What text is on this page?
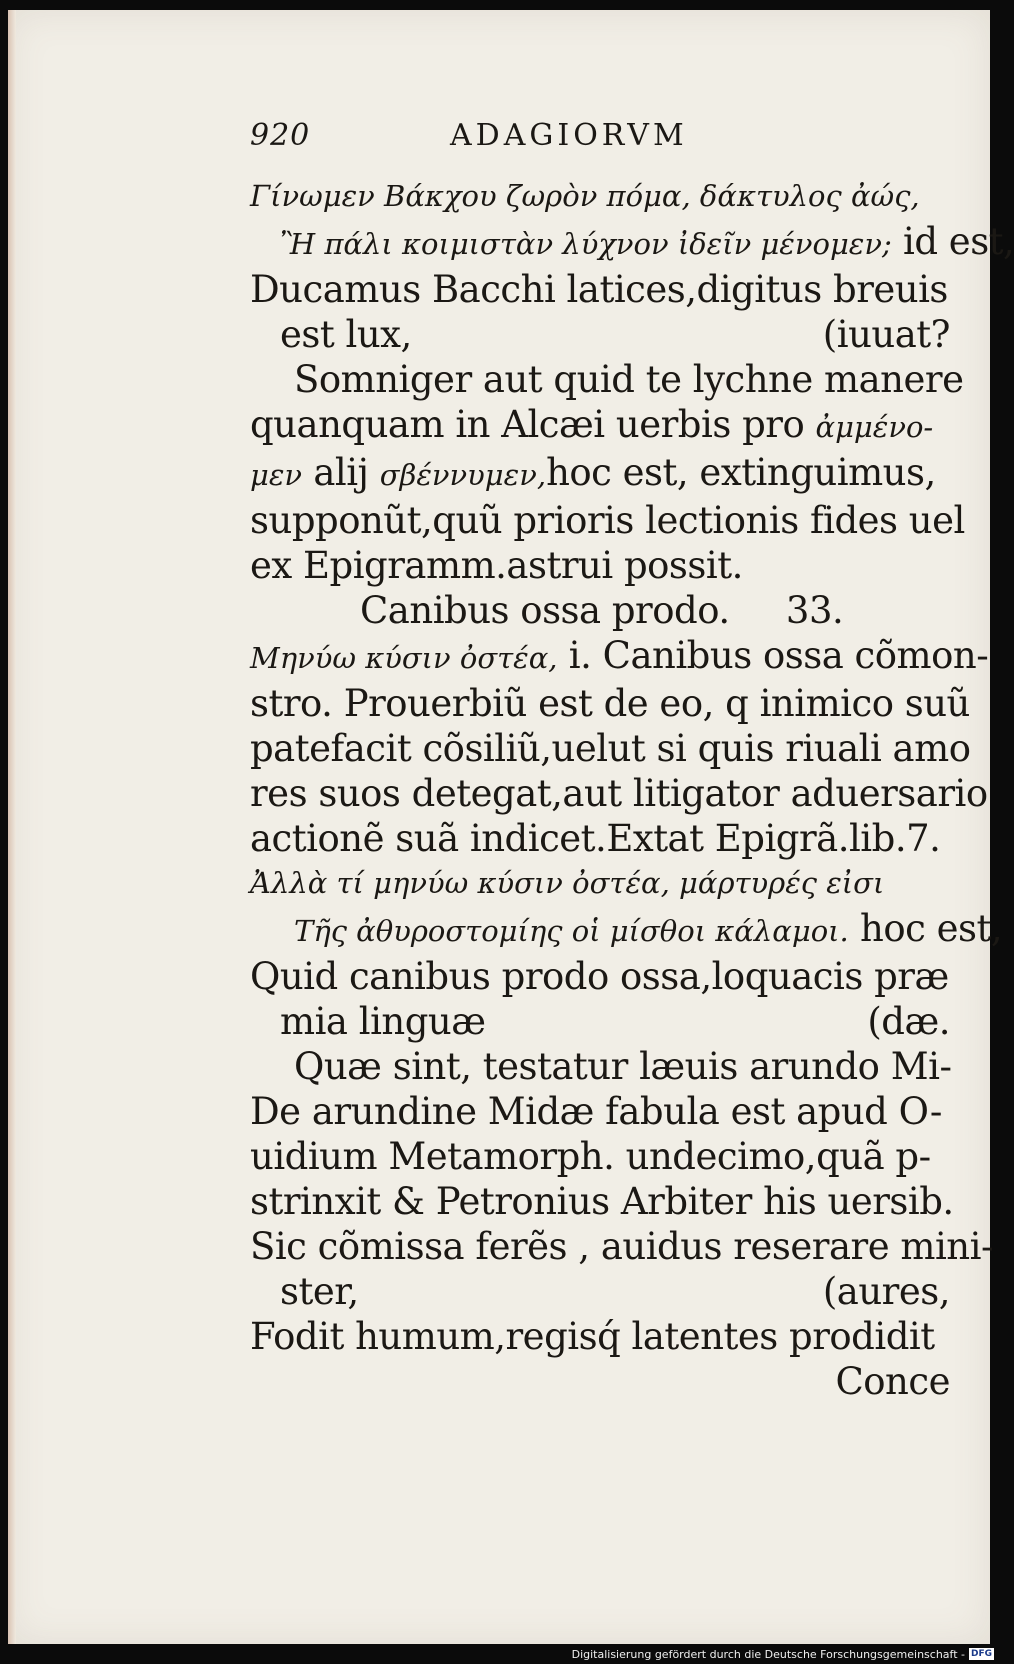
920	ADAGIORVM
Γίνωμεν Βάκχου ζωρὸν πόμα, δάκτυλος ἀώς,
Ἢ πάλι κοιμιστὰν λύχνον ἰδεῖν μένομεν; id est,
Ducamus Bacchi latices,digitus breuis
est lux,	(iuuat?
Somniger aut quid te lychne manere
quanquam in Alcæi uerbis pro ἀμμένο-
μεν alij σβέννυμεν,hoc est, extinguimus,
supponũt,quũ prioris lectionis fides uel
ex Epigramm.astrui possit.
Canibus ossa prodo. 33.
Μηνύω κύσιν ὀστέα, i. Canibus ossa cõmon-
stro. Prouerbiũ est de eo, q inimico suũ
patefacit cõsiliũ,uelut si quis riuali amo
res suos detegat,aut litigator aduersario
actionẽ suã indicet.Extat Epigrã.lib.7.
Ἀλλὰ τί μηνύω κύσιν ὀστέα, μάρτυρές εἰσι
Τῆς ἀθυροστομίης οἱ μίσθοι κάλαμοι. hoc est,
Quid canibus prodo ossa,loquacis præ
mia linguæ	(dæ.
Quæ sint, testatur læuis arundo Mi-
De arundine Midæ fabula est apud O-
uidium Metamorph. undecimo,quã p-
strinxit & Petronius Arbiter his uersib.
Sic cõmissa ferẽs , auidus reserare mini-
ster,	(aures,
Fodit humum,regisq́ latentes prodidit
Conce
Digitalisierung gefördert durch die Deutsche Forschungsgemeinschaft - DFG
